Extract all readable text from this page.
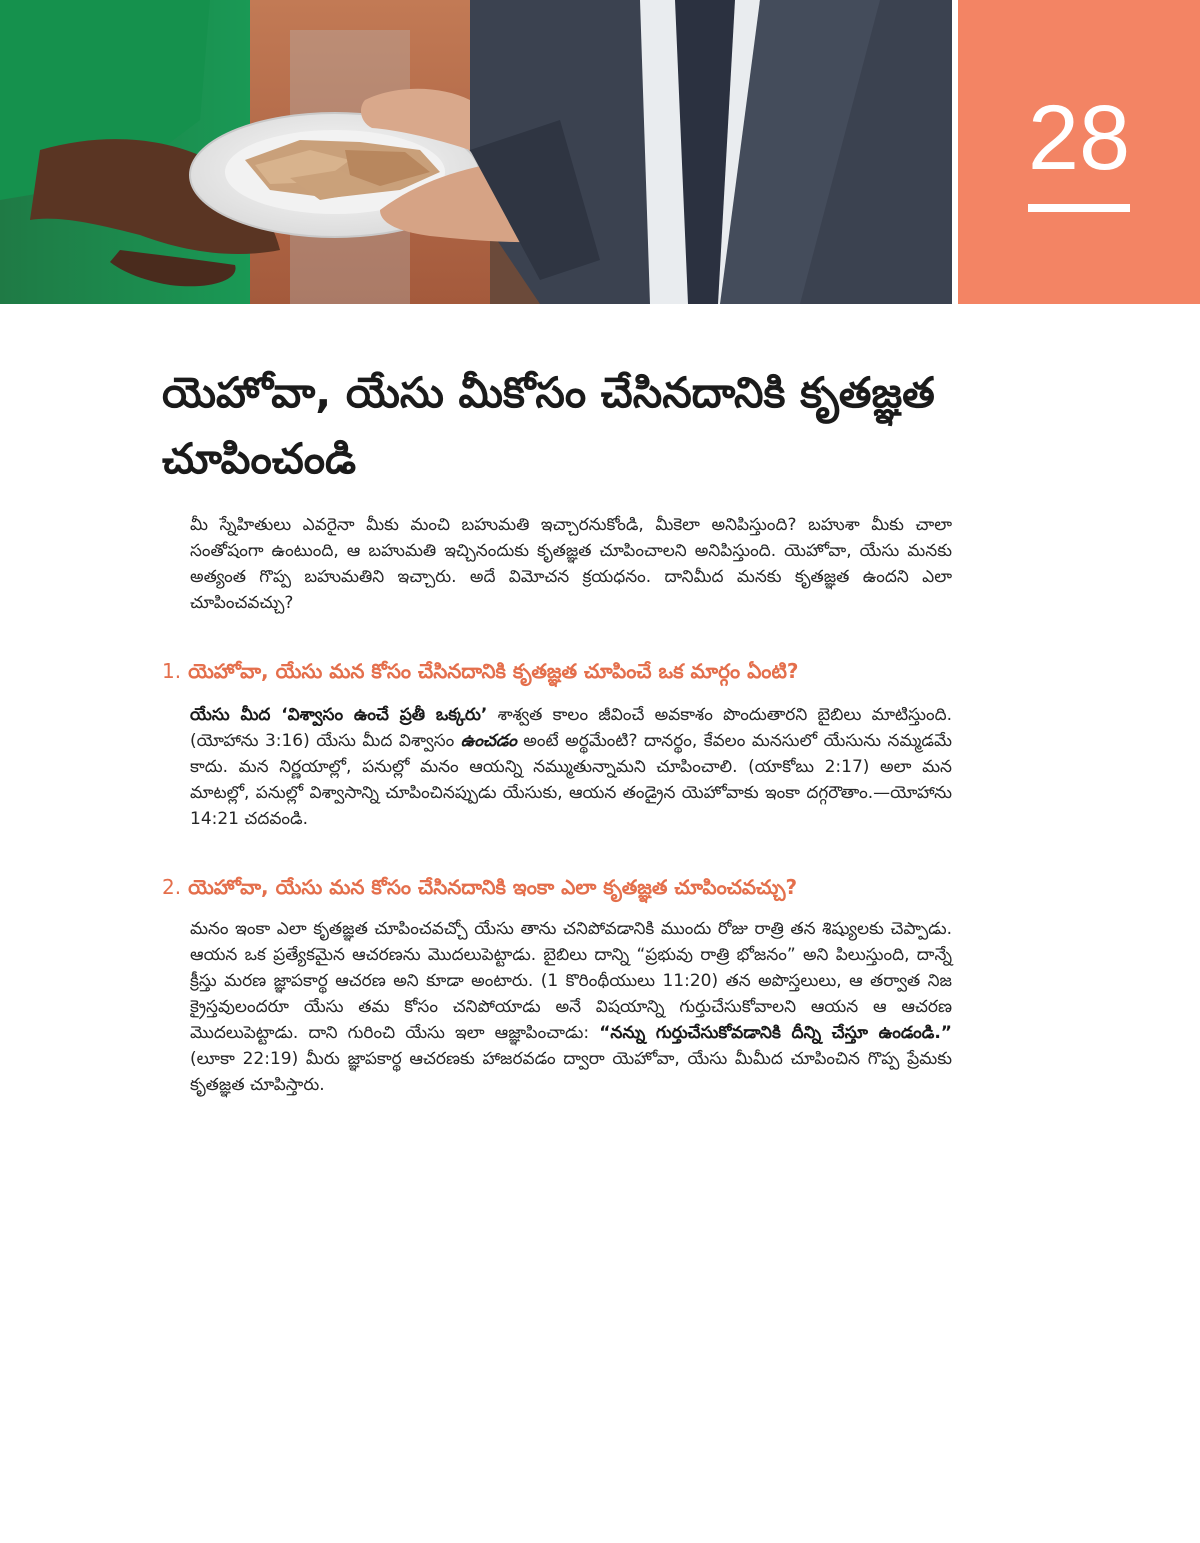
28
యెహోవా, యేసు మీకోసం చేసినదానికి కృతజ్ఞత చూపించండి

మీ స్నేహితులు ఎవరైనా మీకు మంచి బహుమతి ఇచ్చారనుకోండి, మీకెలా అనిపిస్తుంది? బహుశా మీకు చాలా సంతోషంగా ఉంటుంది, ఆ బహుమతి ఇచ్చినందుకు కృతజ్ఞత చూపించాలని అనిపిస్తుంది. యెహోవా, యేసు మనకు అత్యంత గొప్ప బహుమతిని ఇచ్చారు. అదే విమోచన క్రయధనం. దానిమీద మనకు కృతజ్ఞత ఉందని ఎలా చూపించవచ్చు?

1. యెహోవా, యేసు మన కోసం చేసినదానికి కృతజ్ఞత చూపించే ఒక మార్గం ఏంటి?

యేసు మీద ‘విశ్వాసం ఉంచే ప్రతీ ఒక్కరు’ శాశ్వత కాలం జీవించే అవకాశం పొందుతారని బైబిలు మాటిస్తుంది. (యోహాను 3:16) యేసు మీద విశ్వాసం ఉంచడం అంటే అర్థమేంటి? దానర్థం, కేవలం మనసులో యేసును నమ్మడమే కాదు. మన నిర్ణయాల్లో, పనుల్లో మనం ఆయన్ని నమ్ముతున్నామని చూపించాలి. (యాకోబు 2:17) అలా మన మాటల్లో, పనుల్లో విశ్వాసాన్ని చూపించినప్పుడు యేసుకు, ఆయన తండ్రైన యెహోవాకు ఇంకా దగ్గరౌతాం.—యోహాను 14:21 చదవండి.

2. యెహోవా, యేసు మన కోసం చేసినదానికి ఇంకా ఎలా కృతజ్ఞత చూపించవచ్చు?

మనం ఇంకా ఎలా కృతజ్ఞత చూపించవచ్చో యేసు తాను చనిపోవడానికి ముందు రోజు రాత్రి తన శిష్యులకు చెప్పాడు. ఆయన ఒక ప్రత్యేకమైన ఆచరణను మొదలుపెట్టాడు. బైబిలు దాన్ని “ప్రభువు రాత్రి భోజనం” అని పిలుస్తుంది, దాన్నే క్రీస్తు మరణ జ్ఞాపకార్థ ఆచరణ అని కూడా అంటారు. (1 కొరింథీయులు 11:20) తన అపొస్తలులు, ఆ తర్వాత నిజ క్రైస్తవులందరూ యేసు తమ కోసం చనిపోయాడు అనే విషయాన్ని గుర్తుచేసుకోవాలని ఆయన ఆ ఆచరణ మొదలుపెట్టాడు. దాని గురించి యేసు ఇలా ఆజ్ఞాపించాడు: “నన్ను గుర్తుచేసుకోవడానికి దీన్ని చేస్తూ ఉండండి.” (లూకా 22:19) మీరు జ్ఞాపకార్థ ఆచరణకు హాజరవడం ద్వారా యెహోవా, యేసు మీమీద చూపించిన గొప్ప ప్రేమకు కృతజ్ఞత చూపిస్తారు.
